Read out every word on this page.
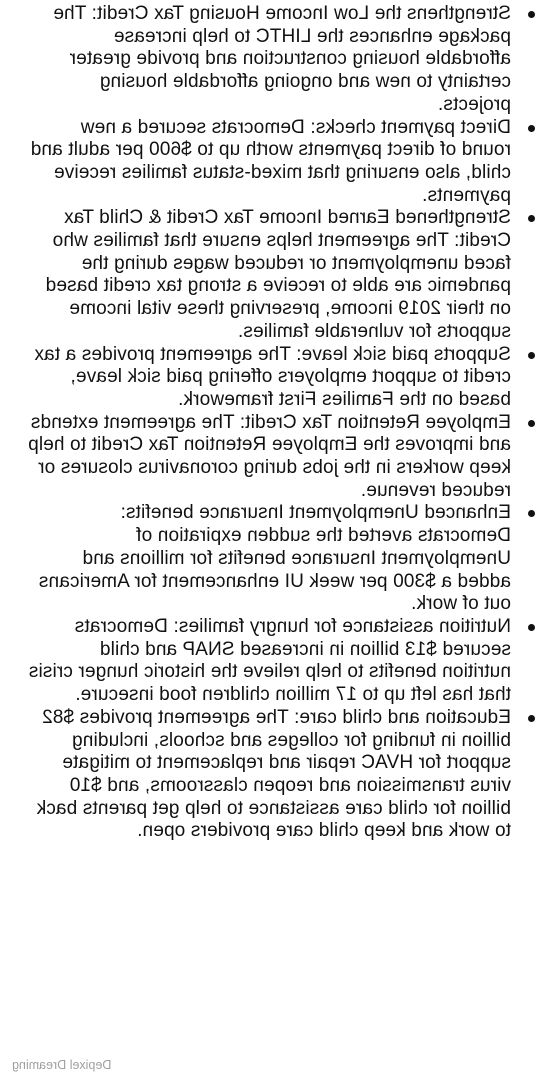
Strengthens the Low Income Housing Tax Credit: The package enhances the LIHTC to help increase affordable housing construction and provide greater certainty to new and ongoing affordable housing projects.
Direct payment checks: Democrats secured a new round of direct payments worth up to $600 per adult and child, also ensuring that mixed-status families receive payments.
Strengthened Earned Income Tax Credit & Child Tax Credit: The agreement helps ensure that families who faced unemployment or reduced wages during the pandemic are able to receive a strong tax credit based on their 2019 income, preserving these vital income supports for vulnerable families.
Supports paid sick leave: The agreement provides a tax credit to support employers offering paid sick leave, based on the Families First framework.
Employee Retention Tax Credit: The agreement extends and improves the Employee Retention Tax Credit to help keep workers in the jobs during coronavirus closures or reduced revenue.
Enhanced Unemployment Insurance benefits: Democrats averted the sudden expiration of Unemployment Insurance benefits for millions and added a $300 per week UI enhancement for Americans out of work.
Nutrition assistance for hungry families: Democrats secured $13 billion in increased SNAP and child nutrition benefits to help relieve the historic hunger crisis that has left up to 17 million children food insecure.
Education and child care: The agreement provides $82 billion in funding for colleges and schools, including support for HVAC repair and replacement to mitigate virus transmission and reopen classrooms, and $10 billion for child care assistance to help get parents back to work and keep child care providers open.
Depixel Dreaming
